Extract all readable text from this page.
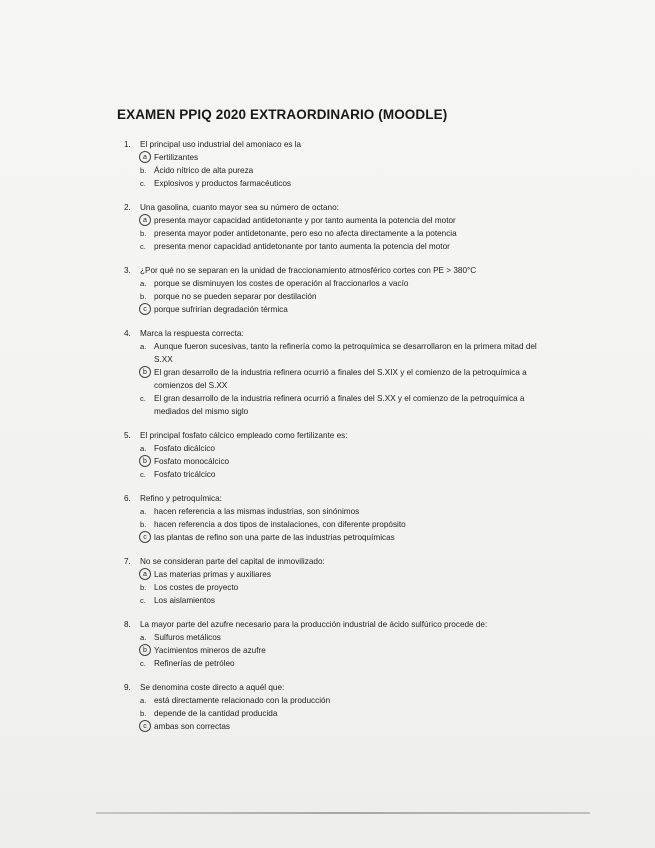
EXAMEN PPIQ 2020 EXTRAORDINARIO (MOODLE)
1.	El principal uso industrial del amoniaco es la
a Fertilizantes
b. Ácido nítrico de alta pureza
c. Explosivos y productos farmacéuticos
2.	Una gasolina, cuanto mayor sea su número de octano:
a presenta mayor capacidad antidetonante y por tanto aumenta la potencia del motor
b. presenta mayor poder antidetonante, pero eso no afecta directamente a la potencia
c. presenta menor capacidad antidetonante por tanto aumenta la potencia del motor
3.	¿Por qué no se separan en la unidad de fraccionamiento atmosférico cortes con PE > 380°C
a. porque se disminuyen los costes de operación al fraccionarlos a vacío
b. porque no se pueden separar por destilación
c porque sufrirían degradación térmica
4.	Marca la respuesta correcta:
a. Aunque fueron sucesivas, tanto la refinería como la petroquímica se desarrollaron en la primera mitad del S.XX
b El gran desarrollo de la industria refinera ocurrió a finales del S.XIX y el comienzo de la petroquímica a comienzos del S.XX
c. El gran desarrollo de la industria refinera ocurrió a finales del S.XX y el comienzo de la petroquímica a mediados del mismo siglo
5.	El principal fosfato cálcico empleado como fertilizante es:
a. Fosfato dicálcico
b Fosfato monocálcico
c. Fosfato tricálcico
6.	Refino y petroquímica:
a. hacen referencia a las mismas industrias, son sinónimos
b. hacen referencia a dos tipos de instalaciones, con diferente propósito
c las plantas de refino son una parte de las industrias petroquímicas
7.	No se consideran parte del capital de inmovilizado:
a Las materias primas y auxiliares
b. Los costes de proyecto
c. Los aislamientos
8.	La mayor parte del azufre necesario para la producción industrial de ácido sulfúrico procede de:
a. Sulfuros metálicos
b Yacimientos mineros de azufre
c. Refinerías de petróleo
9.	Se denomina coste directo a aquél que:
a. está directamente relacionado con la producción
b. depende de la cantidad producida
c ambas son correctas
